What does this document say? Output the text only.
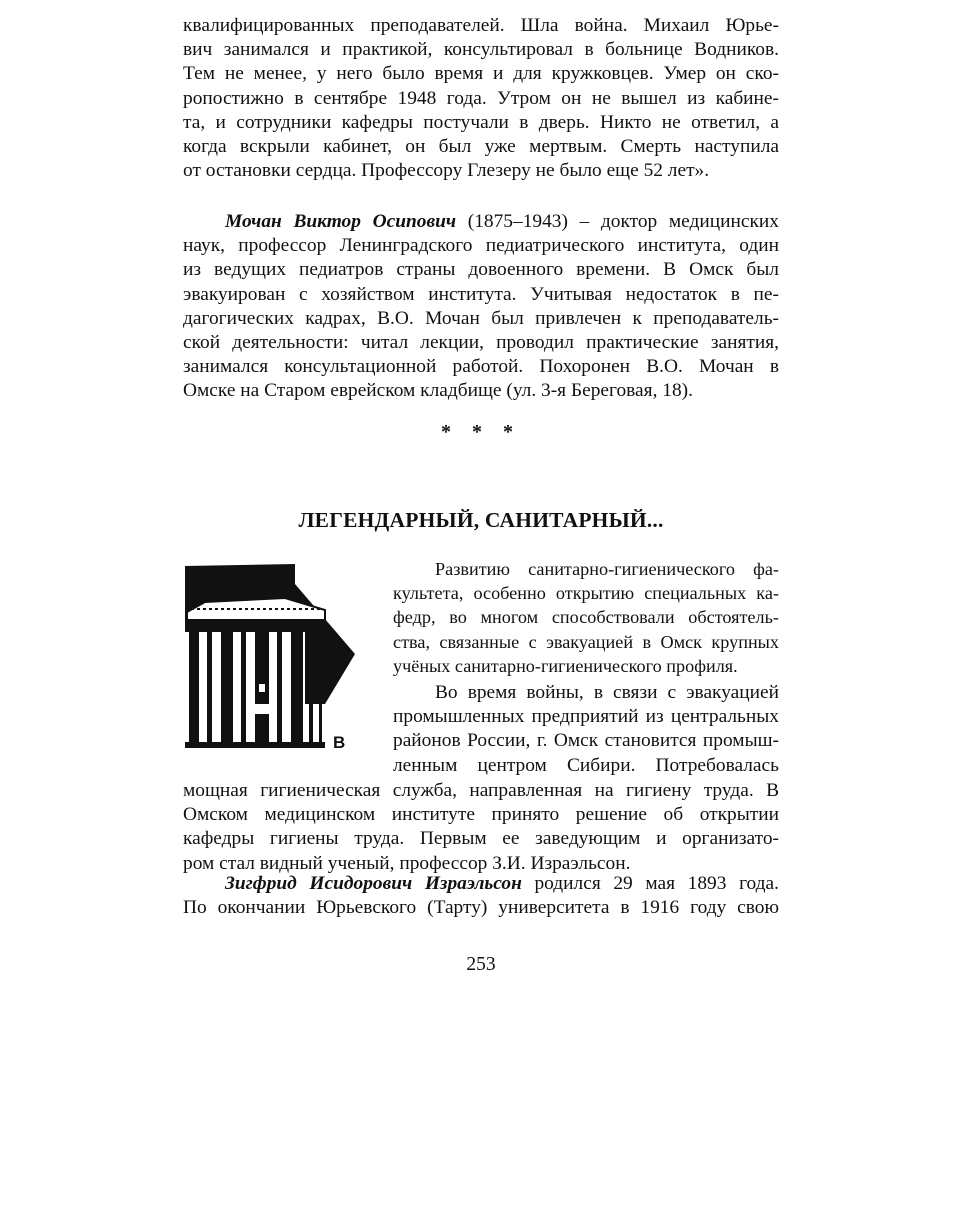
квалифицированных преподавателей. Шла война. Михаил Юрье-
вич занимался и практикой, консультировал в больнице Водников.
Тем не менее, у него было время и для кружковцев. Умер он ско-
ропостижно в сентябре 1948 года. Утром он не вышел из кабине-
та, и сотрудники кафедры постучали в дверь. Никто не ответил, а
когда вскрыли кабинет, он был уже мертвым. Смерть наступила
от остановки сердца. Профессору Глезеру не было еще 52 лет».
Мочан Виктор Осипович (1875–1943) – доктор медицинских
наук, профессор Ленинградского педиатрического института, один
из ведущих педиатров страны довоенного времени. В Омск был
эвакуирован с хозяйством института. Учитывая недостаток в пе-
дагогических кадрах, В.О. Мочан был привлечен к преподаватель-
ской деятельности: читал лекции, проводил практические занятия,
занимался консультационной работой. Похоронен В.О. Мочан в
Омске на Старом еврейском кладбище (ул. 3-я Береговая, 18).
* * *
ЛЕГЕНДАРНЫЙ, САНИТАРНЫЙ...
В
Развитию санитарно-гигиенического фа-
культета, особенно открытию специальных ка-
федр, во многом способствовали обстоятель-
ства, связанные с эвакуацией в Омск крупных
учёных санитарно-гигиенического профиля.
Во время войны, в связи с эвакуацией
промышленных предприятий из центральных
районов России, г. Омск становится промыш-
ленным центром Сибири. Потребовалась
мощная гигиеническая служба, направленная на гигиену труда. В
Омском медицинском институте принято решение об открытии
кафедры гигиены труда. Первым ее заведующим и организато-
ром стал видный ученый, профессор З.И. Израэльсон.
Зигфрид Исидорович Израэльсон родился 29 мая 1893 года.
По окончании Юрьевского (Тарту) университета в 1916 году свою
253
